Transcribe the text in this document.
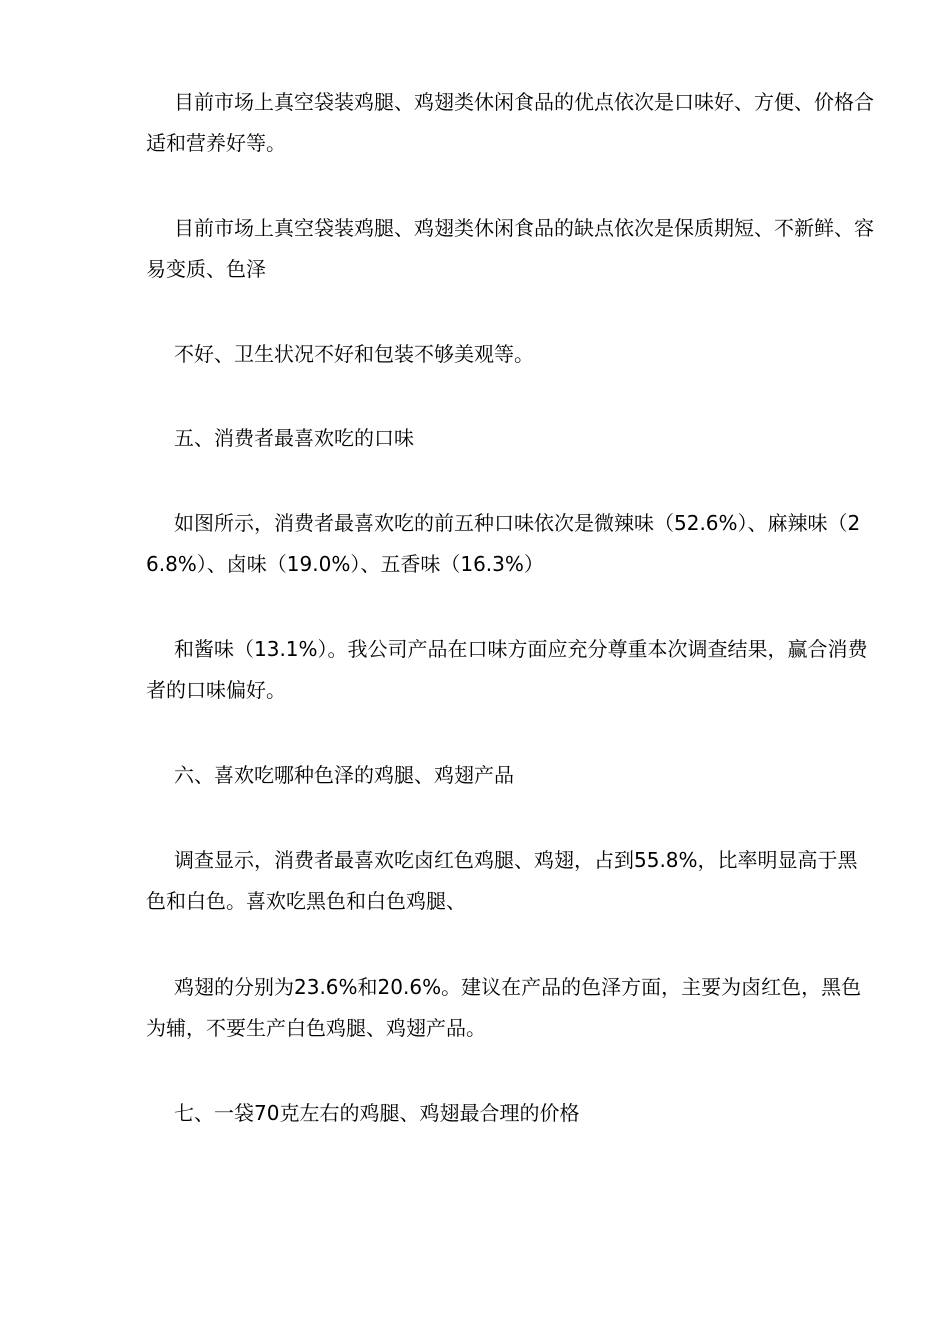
目前市场上真空袋装鸡腿、鸡翅类休闲食品的优点依次是口味好、方便、价格合适和营养好等。

目前市场上真空袋装鸡腿、鸡翅类休闲食品的缺点依次是保质期短、不新鲜、容易变质、色泽

不好、卫生状况不好和包装不够美观等。

五、消费者最喜欢吃的口味

如图所示，消费者最喜欢吃的前五种口味依次是微辣味（52.6%）、麻辣味（26.8%）、卤味（19.0%）、五香味（16.3%）

和酱味（13.1%）。我公司产品在口味方面应充分尊重本次调查结果，赢合消费者的口味偏好。

六、喜欢吃哪种色泽的鸡腿、鸡翅产品

调查显示，消费者最喜欢吃卤红色鸡腿、鸡翅，占到55.8%，比率明显高于黑色和白色。喜欢吃黑色和白色鸡腿、

鸡翅的分别为23.6%和20.6%。建议在产品的色泽方面，主要为卤红色，黑色为辅，不要生产白色鸡腿、鸡翅产品。

七、一袋70克左右的鸡腿、鸡翅最合理的价格
